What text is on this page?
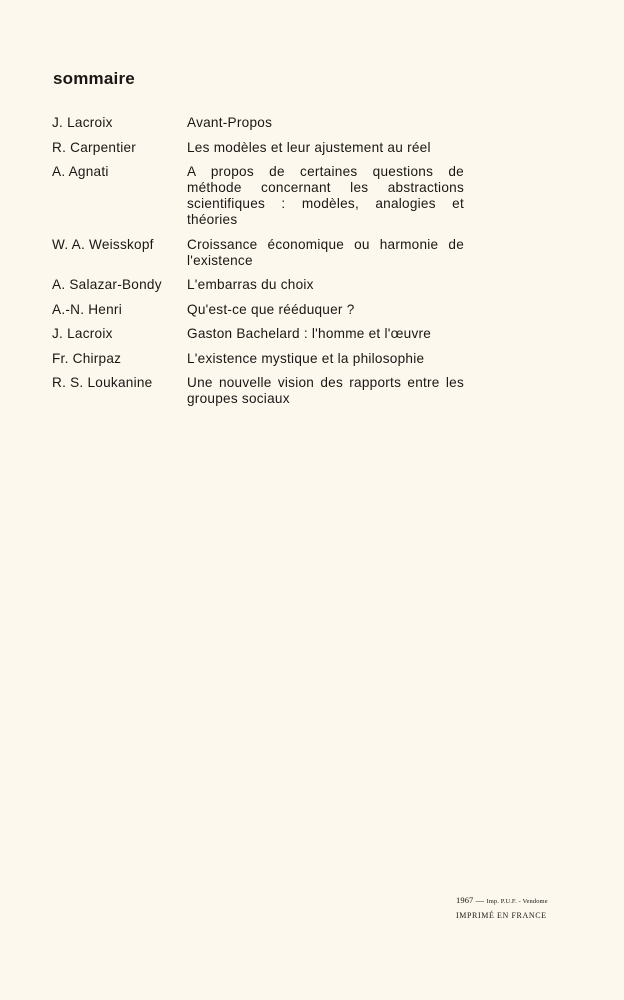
sommaire
J. Lacroix	Avant-Propos
R. Carpentier	Les modèles et leur ajustement au réel
A. Agnati	A propos de certaines questions de méthode concernant les abstractions scientifiques : modèles, analogies et théories
W. A. Weisskopf	Croissance économique ou harmonie de l'existence
A. Salazar-Bondy	L'embarras du choix
A.-N. Henri	Qu'est-ce que rééduquer ?
J. Lacroix	Gaston Bachelard : l'homme et l'œuvre
Fr. Chirpaz	L'existence mystique et la philosophie
R. S. Loukanine	Une nouvelle vision des rapports entre les groupes sociaux
1967 — Imp. P.U.F. - Vendome
IMPRIMÉ EN FRANCE
